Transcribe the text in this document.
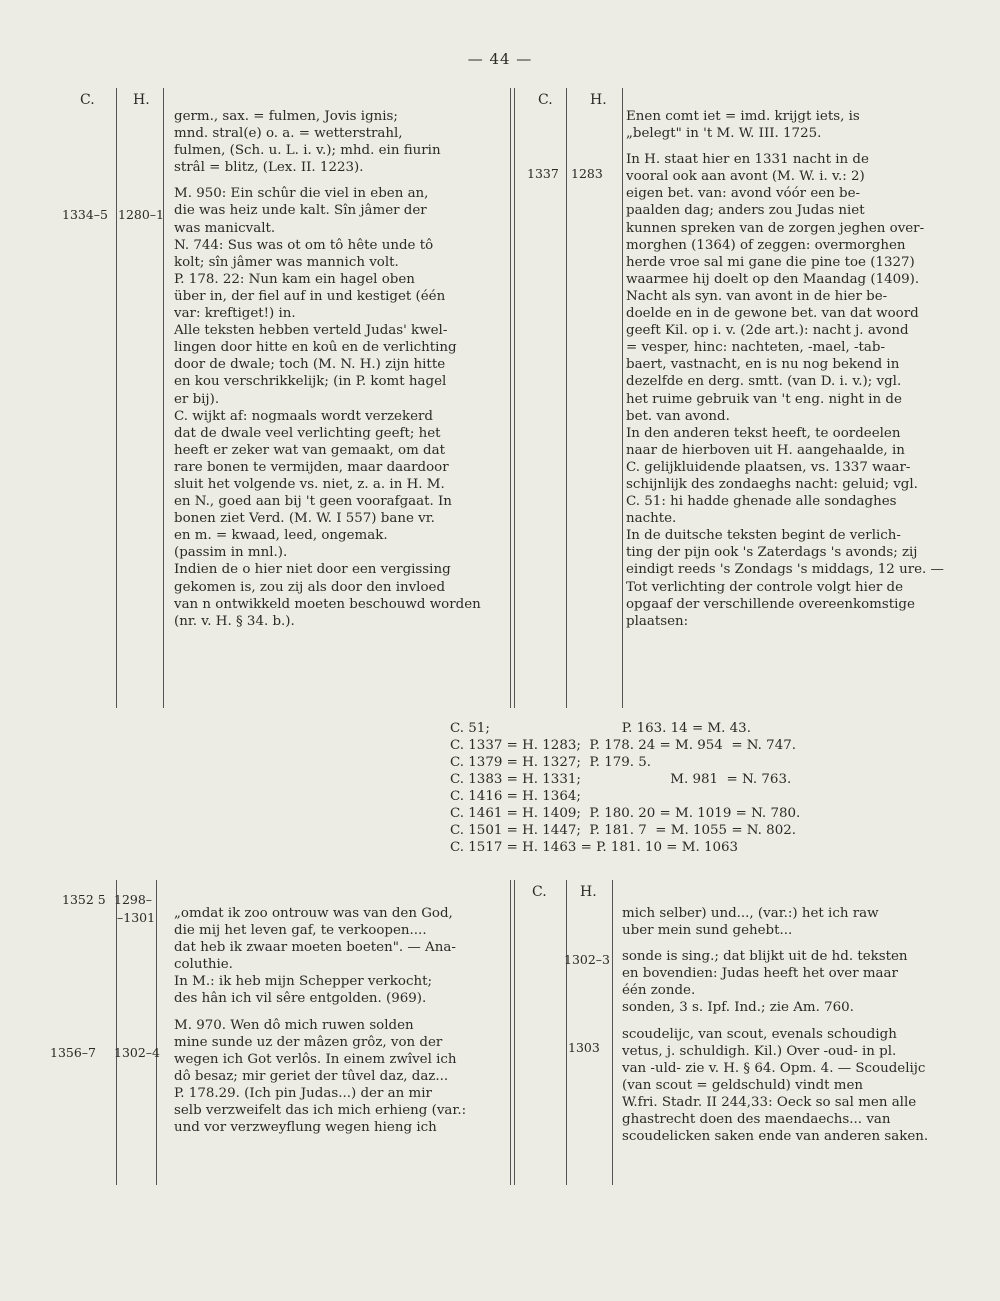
— 44 —
C.	H.	C.	H.
C. H.
1334–5 1280–1
1337 1283
1352 5 1298–
–1301
1356–7 1302–4
1302–3
1303
germ., sax. = fulmen, Jovis ignis;
mnd. stral(e) o. a. = wetterstrahl,
fulmen, (Sch. u. L. i. v.); mhd. ein fiurin
strâl = blitz, (Lex. II. 1223).

M. 950: Ein schûr die viel in eben an,
die was heiz unde kalt. Sîn jâmer der
was manicvalt.
N. 744: Sus was ot om tô hête unde tô
kolt; sîn jâmer was mannich volt.
P. 178. 22: Nun kam ein hagel oben
über in, der fiel auf in und kestiget (één
var: kreftiget!) in.
Alle teksten hebben verteld Judas' kwel-
lingen door hitte en koû en de verlichting
door de dwale; toch (M. N. H.) zijn hitte
en kou verschrikkelijk; (in P. komt hagel
er bij).
C. wijkt af: nogmaals wordt verzekerd
dat de dwale veel verlichting geeft; het
heeft er zeker wat van gemaakt, om dat
rare bonen te vermijden, maar daardoor
sluit het volgende vs. niet, z. a. in H. M.
en N., goed aan bij 't geen voorafgaat. In
bonen ziet Verd. (M. W. I 557) bane vr.
en m. = kwaad, leed, ongemak.
(passim in mnl.).
Indien de o hier niet door een vergissing
gekomen is, zou zij als door den invloed
van n ontwikkeld moeten beschouwd worden
(nr. v. H. § 34. b.).
Enen comt iet = imd. krijgt iets, is
„belegt" in 't M. W. III. 1725.

In H. staat hier en 1331 nacht in de
vooral ook aan avont (M. W. i. v.: 2)
eigen bet. van: avond vóór een be-
paalden dag; anders zou Judas niet
kunnen spreken van de zorgen jeghen over-
morghen (1364) of zeggen: overmorghen
herde vroe sal mi gane die pine toe (1327)
waarmee hij doelt op den Maandag (1409).
Nacht als syn. van avont in de hier be-
doelde en in de gewone bet. van dat woord
geeft Kil. op i. v. (2de art.): nacht j. avond
= vesper, hinc: nachteten, -mael, -tab-
baert, vastnacht, en is nu nog bekend in
dezelfde en derg. smtt. (van D. i. v.); vgl.
het ruime gebruik van 't eng. night in de
bet. van avond.
In den anderen tekst heeft, te oordeelen
naar de hierboven uit H. aangehaalde, in
C. gelijkluidende plaatsen, vs. 1337 waar-
schijnlijk des zondaeghs nacht: geluid; vgl.
C. 51: hi hadde ghenade alle sondaghes
nachte.
In de duitsche teksten begint de verlich-
ting der pijn ook 's Zaterdags 's avonds; zij
eindigt reeds 's Zondags 's middags, 12 ure. —
Tot verlichting der controle volgt hier de
opgaaf der verschillende overeenkomstige
plaatsen:
C. 51;                               P. 163. 14 = M. 43.
C. 1337 = H. 1283;  P. 178. 24 = M. 954  = N. 747.
C. 1379 = H. 1327;  P. 179. 5.
C. 1383 = H. 1331;                     M. 981  = N. 763.
C. 1416 = H. 1364;
C. 1461 = H. 1409;  P. 180. 20 = M. 1019 = N. 780.
C. 1501 = H. 1447;  P. 181. 7  = M. 1055 = N. 802.
C. 1517 = H. 1463 = P. 181. 10 = M. 1063
„omdat ik zoo ontrouw was van den God,
die mij het leven gaf, te verkoopen....
dat heb ik zwaar moeten boeten". — Ana-
coluthie.
In M.: ik heb mijn Schepper verkocht;
des hân ich vil sêre entgolden. (969).

M. 970. Wen dô mich ruwen solden
mine sunde uz der mâzen grôz, von der
wegen ich Got verlôs. In einem zwîvel ich
dô besaz; mir geriet der tûvel daz, daz...
P. 178.29. (Ich pin Judas...) der an mir
selb verzweifelt das ich mich erhieng (var.:
und vor verzweyflung wegen hieng ich
mich selber) und..., (var.:) het ich raw
uber mein sund gehebt...

sonde is sing.; dat blijkt uit de hd. teksten
en bovendien: Judas heeft het over maar
één zonde.
sonden, 3 s. Ipf. Ind.; zie Am. 760.

scoudelijc, van scout, evenals schoudigh
vetus, j. schuldigh. Kil.) Over -oud- in pl.
van -uld- zie v. H. § 64. Opm. 4. — Scoudelijc
(van scout = geldschuld) vindt men
W.fri. Stadr. II 244,33: Oeck so sal men alle
ghastrecht doen des maendaechs... van
scoudelicken saken ende van anderen saken.
